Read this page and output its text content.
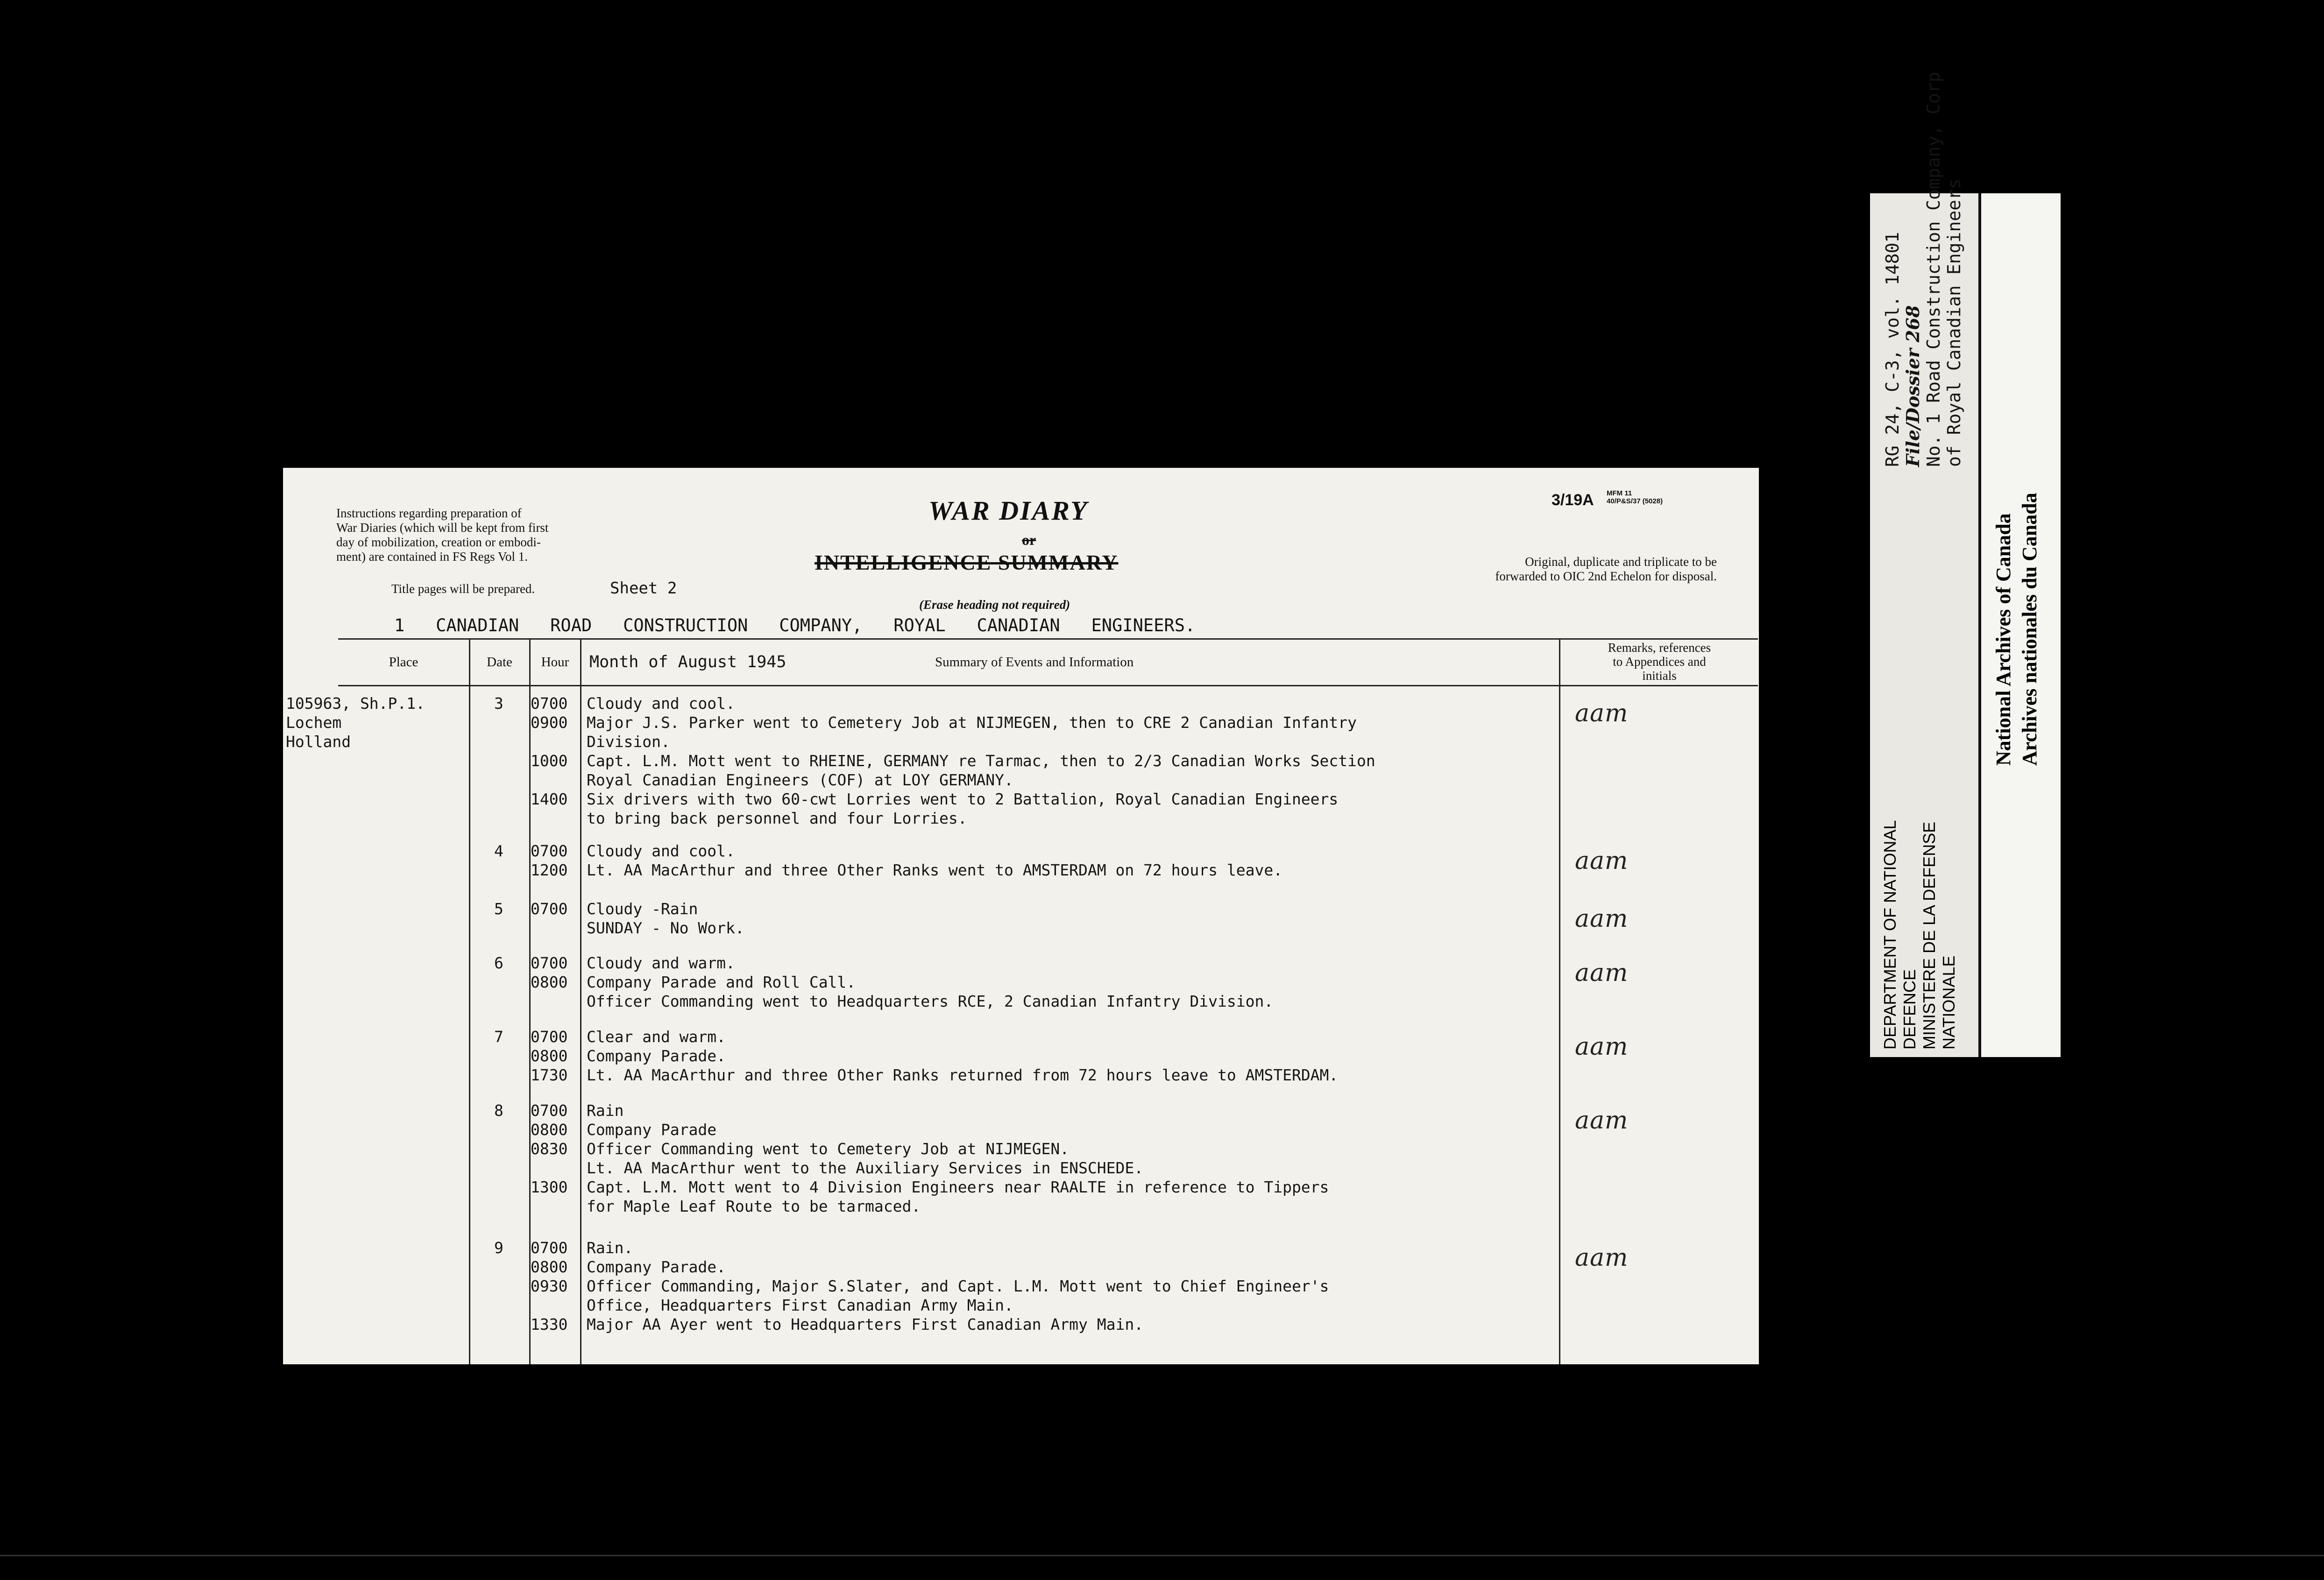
Instructions regarding preparation of
War Diaries (which will be kept from first
day of mobilization, creation or embodi-
ment) are contained in FS Regs Vol 1.
Title pages will be prepared.	Sheet 2
WAR DIARY
or
INTELLIGENCE SUMMARY
(Erase heading not required)
3/19A MFM 11
40/P&S/37 (5028)
Original, duplicate and triplicate to be
forwarded to OIC 2nd Echelon for disposal.
1   CANADIAN   ROAD   CONSTRUCTION   COMPANY,   ROYAL   CANADIAN   ENGINEERS.
Place	Date	Hour	Month of August 1945	Summary of Events and Information
Remarks, references
to Appendices and
initials
105963, Sh.P.1.
Lochem
Holland
3	aam
0700 Cloudy and cool.
0900 Major J.S. Parker went to Cemetery Job at NIJMEGEN, then to CRE 2 Canadian Infantry
Division.
1000 Capt. L.M. Mott went to RHEINE, GERMANY re Tarmac, then to 2/3 Canadian Works Section
Royal Canadian Engineers (COF) at LOY GERMANY.
1400 Six drivers with two 60-cwt Lorries went to 2 Battalion, Royal Canadian Engineers
to bring back personnel and four Lorries.
4	aam
0700 Cloudy and cool.
1200 Lt. AA MacArthur and three Other Ranks went to AMSTERDAM on 72 hours leave.
5	aam
0700 Cloudy -Rain
SUNDAY - No Work.
6	aam
0700 Cloudy and warm.
0800 Company Parade and Roll Call.
Officer Commanding went to Headquarters RCE, 2 Canadian Infantry Division.
7	aam
0700 Clear and warm.
0800 Company Parade.
1730 Lt. AA MacArthur and three Other Ranks returned from 72 hours leave to AMSTERDAM.
8	aam
0700 Rain
0800 Company Parade
0830 Officer Commanding went to Cemetery Job at NIJMEGEN.
Lt. AA MacArthur went to the Auxiliary Services in ENSCHEDE.
1300 Capt. L.M. Mott went to 4 Division Engineers near RAALTE in reference to Tippers
for Maple Leaf Route to be tarmaced.
9	aam
0700 Rain.
0800 Company Parade.
0930 Officer Commanding, Major S.Slater, and Capt. L.M. Mott went to Chief Engineer's
Office, Headquarters First Canadian Army Main.
1330 Major AA Ayer went to Headquarters First Canadian Army Main.
RG 24, C-3, vol. 14801 File/Dossier 268 No. 1 Road Construction Company, Corp of Royal Canadian Engineers
DEPARTMENT OF NATIONAL DEFENCE MINISTERE DE LA DEFENSE NATIONALE
National Archives of Canada Archives nationales du Canada
